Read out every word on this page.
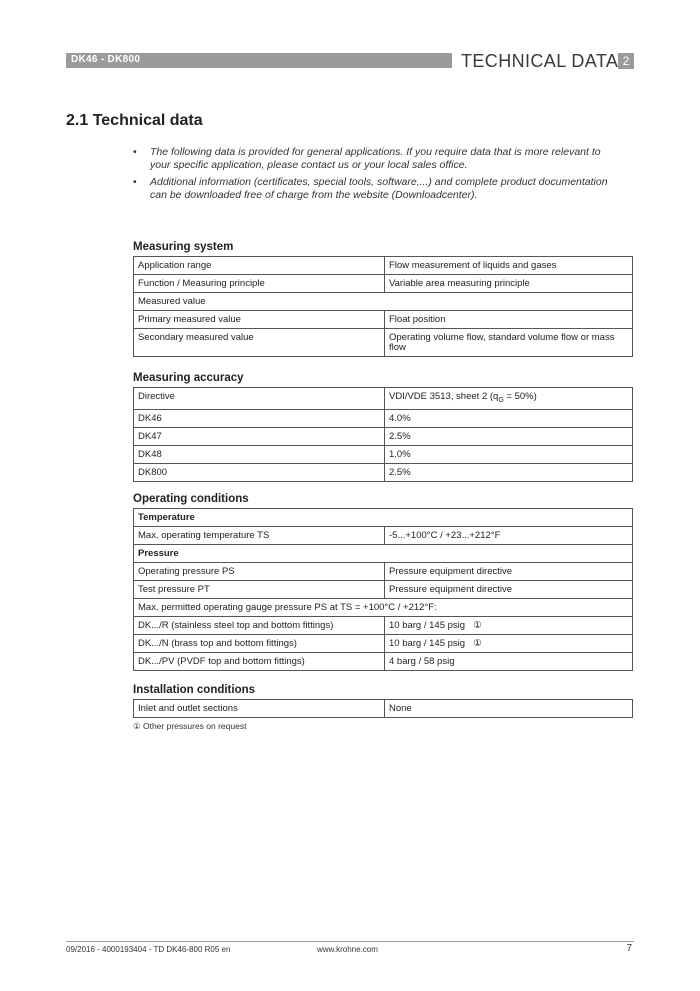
DK46 - DK800	TECHNICAL DATA 2
2.1 Technical data
• The following data is provided for general applications. If you require data that is more relevant to your specific application, please contact us or your local sales office.
• Additional information (certificates, special tools, software,...) and complete product documentation can be downloaded free of charge from the website (Downloadcenter).
Measuring system
Application range	Flow measurement of liquids and gases
Function / Measuring principle	Variable area measuring principle
Measured value	
Primary measured value	Float position
Secondary measured value	Operating volume flow, standard volume flow or mass flow
Measuring accuracy
Directive	VDI/VDE 3513, sheet 2 $(q_G = 50\%)$
DK46	4.0%
DK47	2.5%
DK48	1.0%
DK800	2.5%
Operating conditions
Temperature	
Max. operating temperature TS	-5...+100°C / +23...+212°F
Pressure	
Operating pressure PS	Pressure equipment directive
Test pressure PT	Pressure equipment directive
Max. permitted operating gauge pressure PS at TS = +100°C / +212°F:	
DK.../R (stainless steel top and bottom fittings)	10 barg / 145 psig ①
DK.../N (brass top and bottom fittings)	10 barg / 145 psig ①
DK.../PV (PVDF top and bottom fittings)	4 barg / 58 psig
Installation conditions
Inlet and outlet sections	None
① Other pressures on request
09/2016 - 4000193404 - TD DK46-800 R05 en	www.krohne.com	7
